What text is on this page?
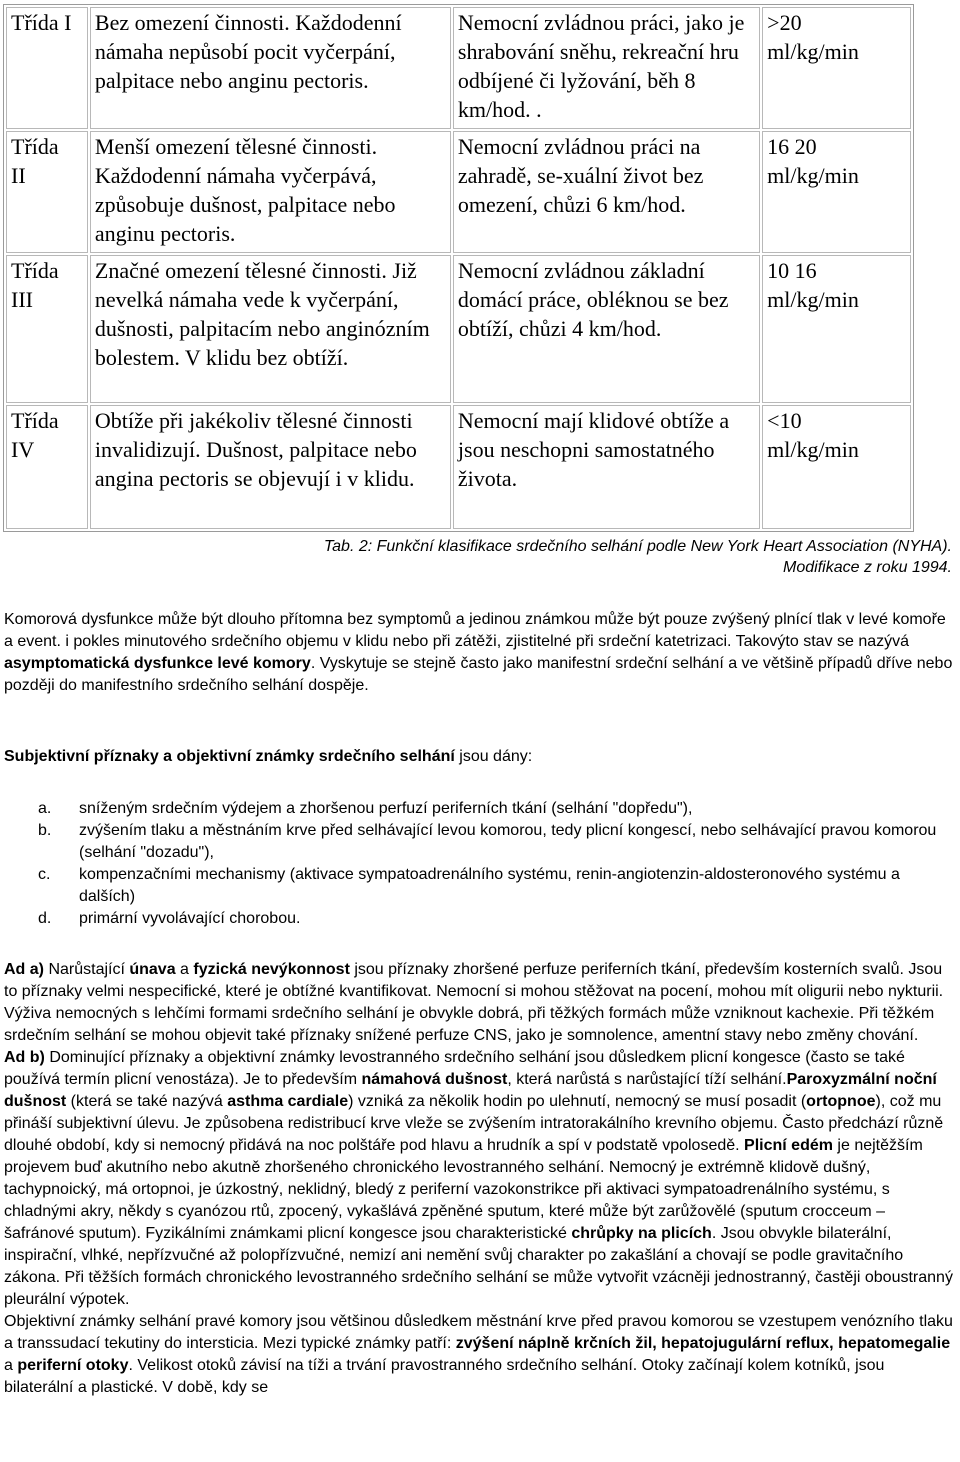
Třída I	Bez omezení činnosti. Každodenní námaha nepůsobí pocit vyčerpání, palpitace nebo anginu pectoris.	Nemocní zvládnou práci, jako je shrabování sněhu, rekreační hru odbíjené či lyžování, běh 8 km/hod. .	>20
ml/kg/min

Třída
II	Menší omezení tělesné činnosti. Každodenní námaha vyčerpává, způsobuje dušnost, palpitace nebo anginu pectoris.	Nemocní zvládnou práci na zahradě, se-xuální život bez omezení, chůzi 6 km/hod.	16 20
ml/kg/min

Třída
III	Značné omezení tělesné činnosti. Již nevelká námaha vede k vyčerpání, dušnosti, palpitacím nebo anginózním bolestem. V klidu bez obtíží.	Nemocní zvládnou základní domácí práce, obléknou se bez obtíží, chůzi 4 km/hod.	10 16
ml/kg/min

Třída
IV	Obtíže při jakékoliv tělesné činnosti invalidizují. Dušnost, palpitace nebo angina pectoris se objevují i v klidu.	Nemocní mají klidové obtíže a jsou neschopni samostatného života.	<10
ml/kg/min
Tab. 2: Funkční klasifikace srdečního selhání podle New York Heart Association (NYHA).
Modifikace z roku 1994.

Komorová dysfunkce může být dlouho přítomna bez symptomů a jedinou známkou může být pouze zvýšený plnící tlak v levé komoře a event. i pokles minutového srdečního objemu v klidu nebo při zátěži, zjistitelné při srdeční katetrizaci. Takovýto stav se nazývá asymptomatická dysfunkce levé komory. Vyskytuje se stejně často jako manifestní srdeční selhání a ve většině případů dříve nebo později do manifestního srdečního selhání dospěje.

Subjektivní příznaky a objektivní známky srdečního selhání jsou dány:

a. sníženým srdečním výdejem a zhoršenou perfuzí periferních tkání (selhání "dopředu"),
b. zvýšením tlaku a městnáním krve před selhávající levou komorou, tedy plicní kongescí, nebo selhávající pravou komorou (selhání "dozadu"),
c. kompenzačními mechanismy (aktivace sympatoadrenálního systému, renin-angiotenzin-aldosteronového systému a dalších)
d. primární vyvolávající chorobou.

Ad a) Narůstající únava a fyzická nevýkonnost jsou příznaky zhoršené perfuze periferních tkání, především kosterních svalů. Jsou to příznaky velmi nespecifické, které je obtížné kvantifikovat. Nemocní si mohou stěžovat na pocení, mohou mít oligurii nebo nykturii. Výživa nemocných s lehčími formami srdečního selhání je obvykle dobrá, při těžkých formách může vzniknout kachexie. Při těžkém srdečním selhání se mohou objevit také příznaky snížené perfuze CNS, jako je somnolence, amentní stavy nebo změny chování.

Ad b) Dominující příznaky a objektivní známky levostranného srdečního selhání jsou důsledkem plicní kongesce (často se také používá termín plicní venostáza). Je to především námahová dušnost, která narůstá s narůstající tíží selhání.Paroxyzmální noční dušnost (která se také nazývá asthma cardiale) vzniká za několik hodin po ulehnutí, nemocný se musí posadit (ortopnoe), což mu přináší subjektivní úlevu. Je způsobena redistribucí krve vleže se zvýšením intratorakálního krevního objemu. Často předchází různě dlouhé období, kdy si nemocný přidává na noc polštáře pod hlavu a hrudník a spí v podstatě vpolosedě. Plicní edém je nejtěžším projevem buď akutního nebo akutně zhoršeného chronického levostranného selhání. Nemocný je extrémně klidově dušný, tachypnoický, má ortopnoi, je úzkostný, neklidný, bledý z periferní vazokonstrikce při aktivaci sympatoadrenálního systému, s chladnými akry, někdy s cyanózou rtů, zpocený, vykašlává zpěněné sputum, které může být zarůžovělé (sputum crocceum – šafránové sputum). Fyzikálními známkami plicní kongesce jsou charakteristické chrůpky na plicích. Jsou obvykle bilaterální, inspirační, vlhké, nepřízvučné až polopřízvučné, nemizí ani nemění svůj charakter po zakašlání a chovají se podle gravitačního zákona. Při těžších formách chronického levostranného srdečního selhání se může vytvořit vzácněji jednostranný, častěji oboustranný pleurální výpotek.

Objektivní známky selhání pravé komory jsou většinou důsledkem městnání krve před pravou komorou se vzestupem venózního tlaku a transsudací tekutiny do intersticia. Mezi typické známky patří: zvýšení náplně krčních žil, hepatojugulární reflux, hepatomegalie a periferní otoky. Velikost otoků závisí na tíži a trvání pravostranného srdečního selhání. Otoky začínají kolem kotníků, jsou bilaterální a plastické. V době, kdy se
